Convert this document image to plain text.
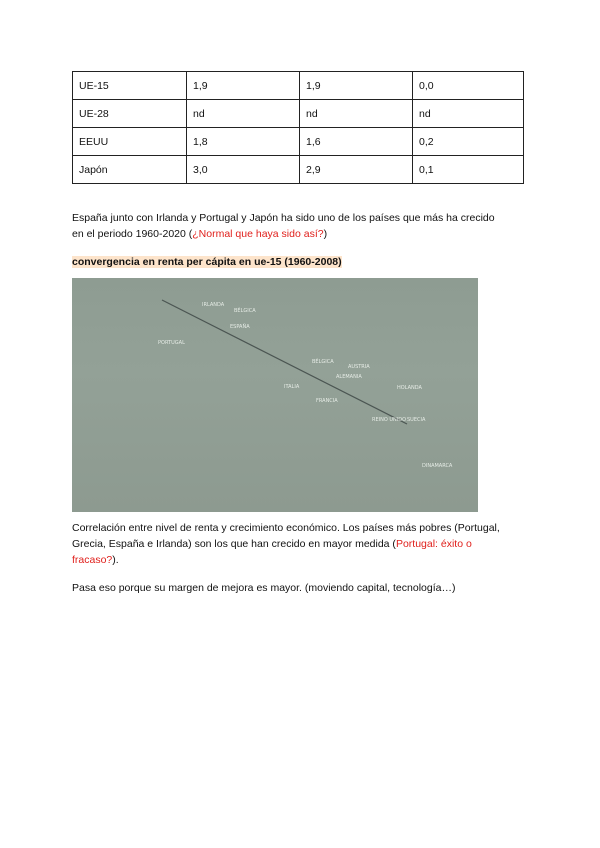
UE-15	1,9	1,9	0,0
UE-28	nd	nd	nd
EEUU	1,8	1,6	0,2
Japón	3,0	2,9	0,1
España junto con Irlanda y Portugal y Japón ha sido uno de los países que más ha crecido
en el periodo 1960-2020 (¿Normal que haya sido así?)
convergencia en renta per cápita en ue-15 (1960-2008)
IRLANDA
BÉLGICA
ESPAÑA
PORTUGAL
BÉLGICA
AUSTRIA
HOLANDA
ITALIA
FRANCIA
ALEMANIA
REINO UNIDO SUECIA
DINAMARCA
Correlación entre nivel de renta y crecimiento económico. Los países más pobres (Portugal,
Grecia, España e Irlanda) son los que han crecido en mayor medida (Portugal: éxito o
fracaso?).
Pasa eso porque su margen de mejora es mayor. (moviendo capital, tecnología…)
